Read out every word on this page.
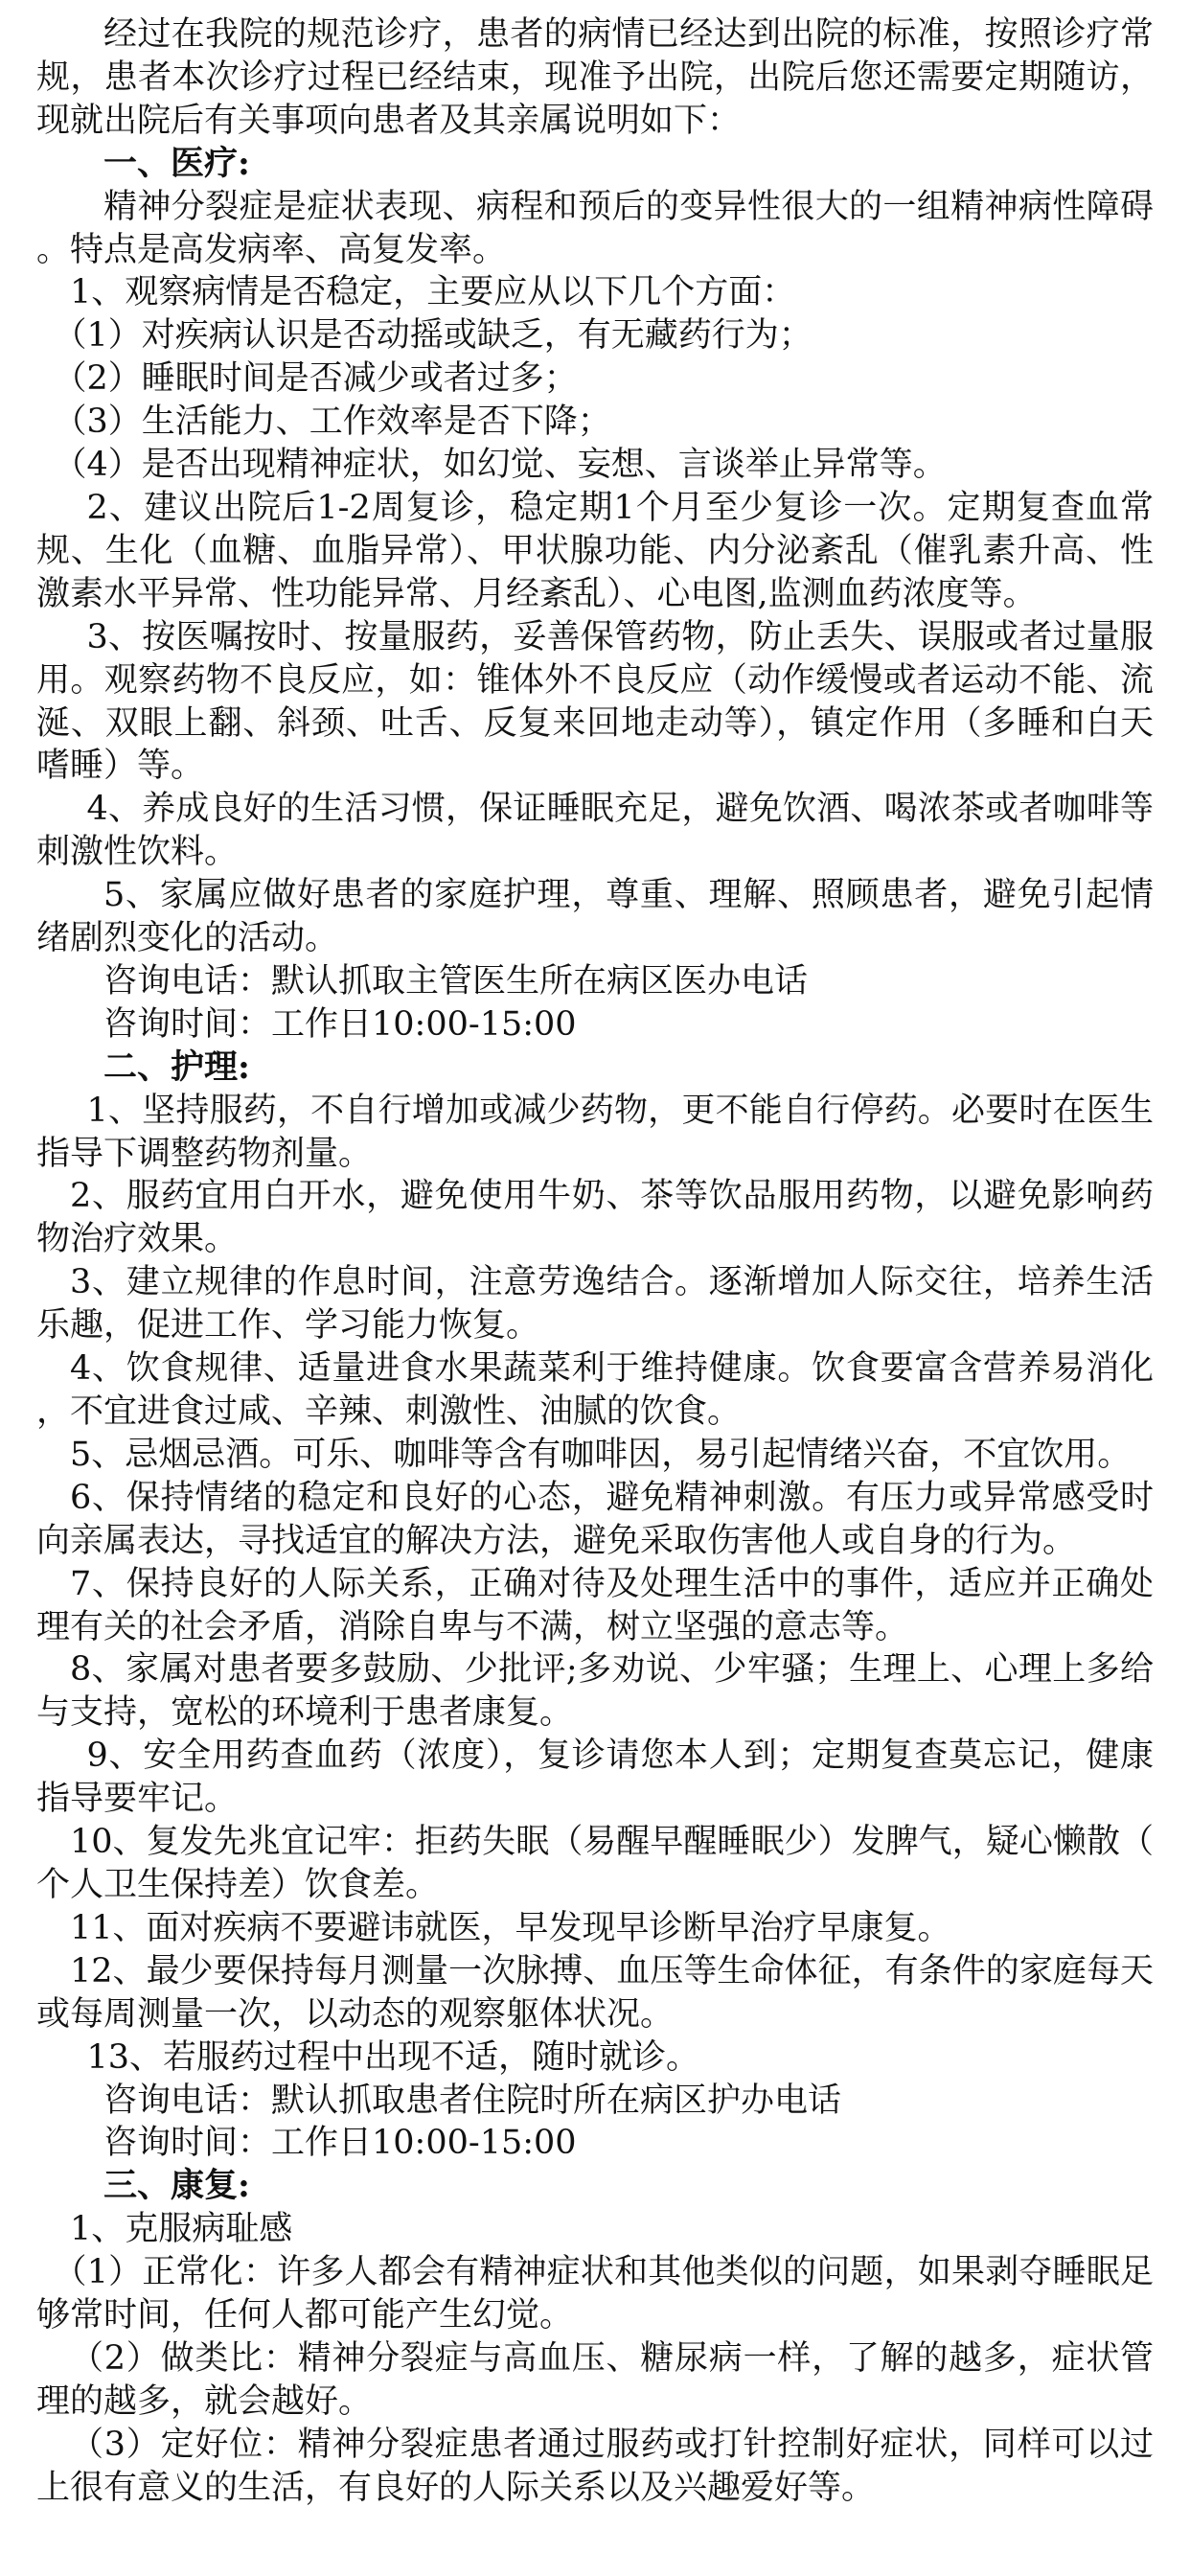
经过在我院的规范诊疗，患者的病情已经达到出院的标准，按照诊疗常规，患者本次诊疗过程已经结束，现准予出院，出院后您还需要定期随访，现就出院后有关事项向患者及其亲属说明如下：

一、医疗:

精神分裂症是症状表现、病程和预后的变异性很大的一组精神病性障碍。特点是高发病率、高复发率。

1、观察病情是否稳定，主要应从以下几个方面：

（1）对疾病认识是否动摇或缺乏，有无藏药行为；

（2）睡眠时间是否减少或者过多；

（3）生活能力、工作效率是否下降；

（4）是否出现精神症状，如幻觉、妄想、言谈举止异常等。

2、建议出院后1-2周复诊，稳定期1个月至少复诊一次。定期复查血常规、生化（血糖、血脂异常）、甲状腺功能、内分泌紊乱（催乳素升高、性激素水平异常、性功能异常、月经紊乱）、心电图,监测血药浓度等。

3、按医嘱按时、按量服药，妥善保管药物，防止丢失、误服或者过量服用。观察药物不良反应，如：锥体外不良反应（动作缓慢或者运动不能、流涎、双眼上翻、斜颈、吐舌、反复来回地走动等），镇定作用（多睡和白天嗜睡）等。

4、养成良好的生活习惯，保证睡眠充足，避免饮酒、喝浓茶或者咖啡等刺激性饮料。

5、家属应做好患者的家庭护理，尊重、理解、照顾患者，避免引起情绪剧烈变化的活动。

咨询电话：默认抓取主管医生所在病区医办电话

咨询时间：工作日10:00-15:00

二、护理:

1、坚持服药，不自行增加或减少药物，更不能自行停药。必要时在医生指导下调整药物剂量。

2、服药宜用白开水，避免使用牛奶、茶等饮品服用药物，以避免影响药物治疗效果。

3、建立规律的作息时间，注意劳逸结合。逐渐增加人际交往，培养生活乐趣，促进工作、学习能力恢复。

4、饮食规律、适量进食水果蔬菜利于维持健康。饮食要富含营养易消化，不宜进食过咸、辛辣、刺激性、油腻的饮食。

5、忌烟忌酒。可乐、咖啡等含有咖啡因，易引起情绪兴奋，不宜饮用。

6、保持情绪的稳定和良好的心态，避免精神刺激。有压力或异常感受时向亲属表达，寻找适宜的解决方法，避免采取伤害他人或自身的行为。

7、保持良好的人际关系，正确对待及处理生活中的事件，适应并正确处理有关的社会矛盾，消除自卑与不满，树立坚强的意志等。

8、家属对患者要多鼓励、少批评;多劝说、少牢骚；生理上、心理上多给与支持，宽松的环境利于患者康复。

9、安全用药查血药（浓度），复诊请您本人到；定期复查莫忘记，健康指导要牢记。

10、复发先兆宜记牢：拒药失眠（易醒早醒睡眠少）发脾气，疑心懒散（个人卫生保持差）饮食差。

11、面对疾病不要避讳就医，早发现早诊断早治疗早康复。

12、最少要保持每月测量一次脉搏、血压等生命体征，有条件的家庭每天或每周测量一次，以动态的观察躯体状况。

13、若服药过程中出现不适，随时就诊。

咨询电话：默认抓取患者住院时所在病区护办电话

咨询时间：工作日10:00-15:00

三、康复:

1、克服病耻感

（1）正常化：许多人都会有精神症状和其他类似的问题，如果剥夺睡眠足够常时间，任何人都可能产生幻觉。

（2）做类比：精神分裂症与高血压、糖尿病一样，了解的越多，症状管理的越多，就会越好。

（3）定好位：精神分裂症患者通过服药或打针控制好症状，同样可以过上很有意义的生活，有良好的人际关系以及兴趣爱好等。
